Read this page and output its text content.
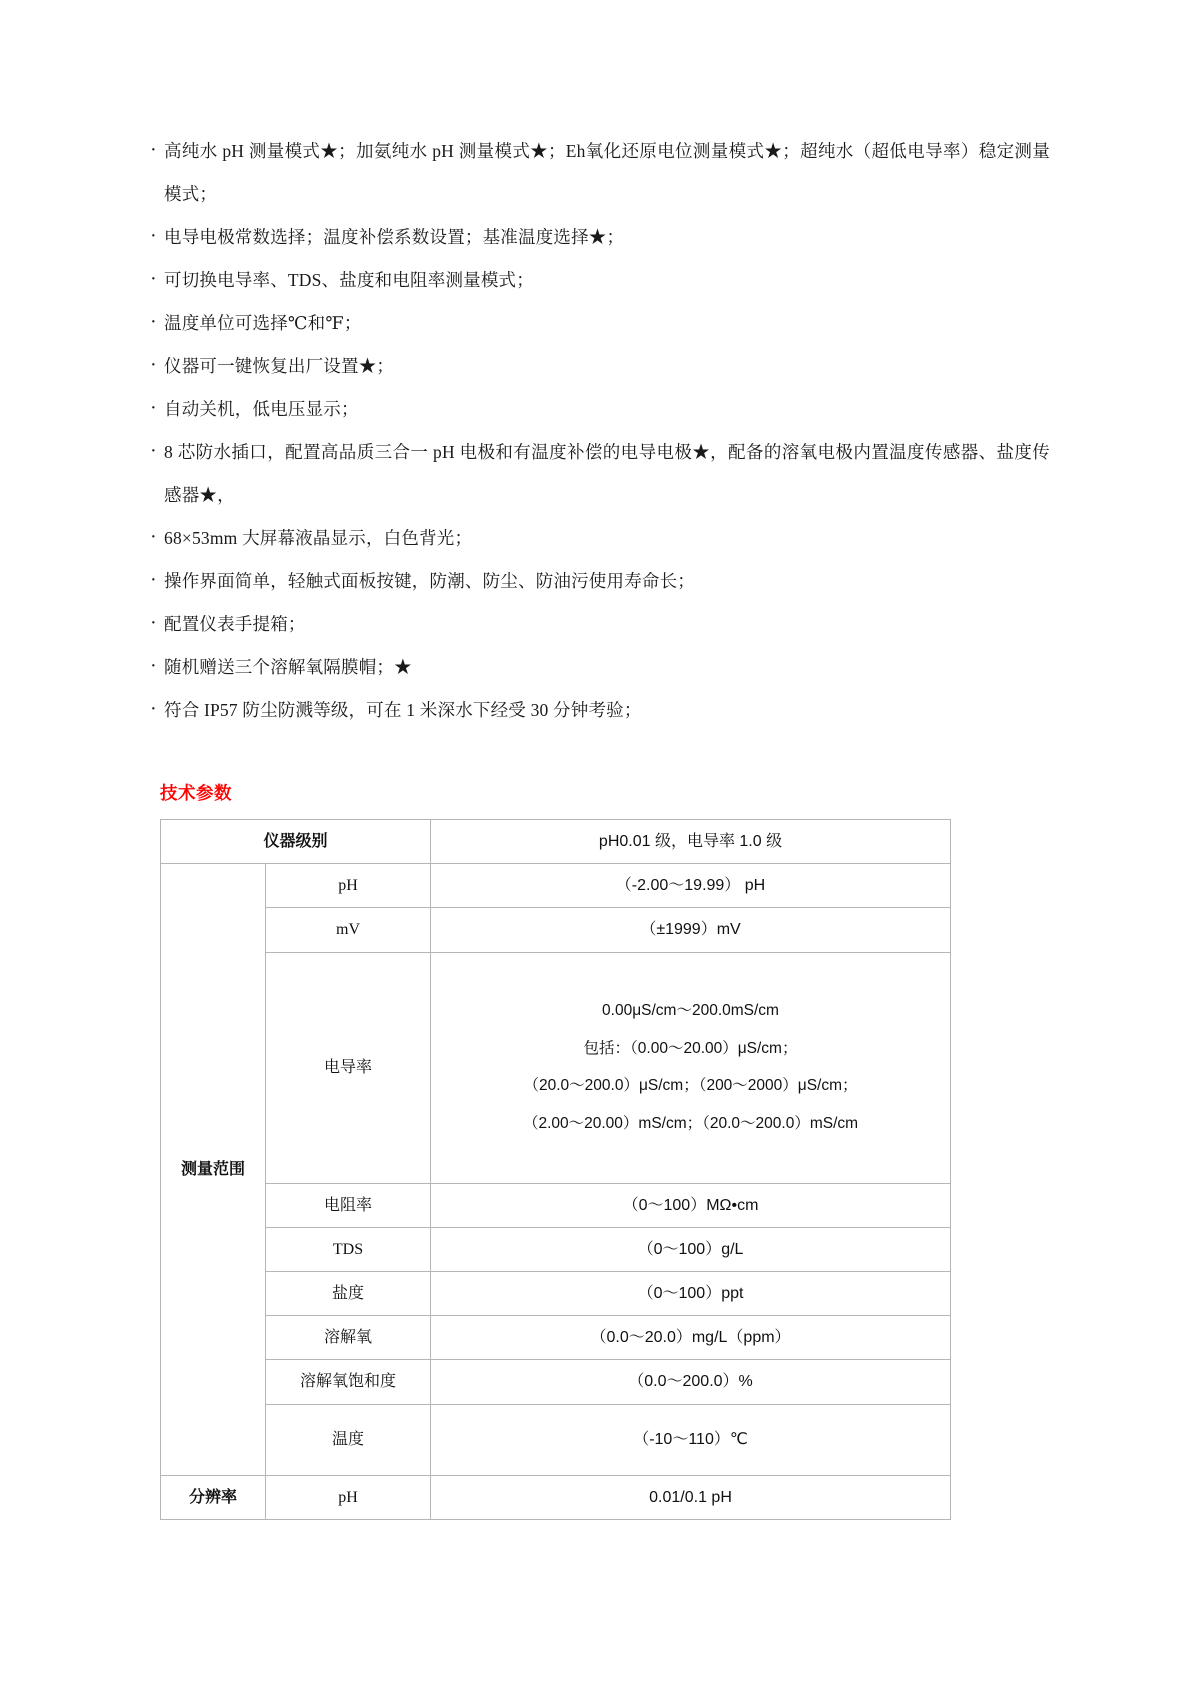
· 高纯水 pH 测量模式★；加氨纯水 pH 测量模式★；Eh氧化还原电位测量模式★；超纯水（超低电导率）稳定测量模式；
· 电导电极常数选择；温度补偿系数设置；基准温度选择★；
· 可切换电导率、TDS、盐度和电阻率测量模式；
· 温度单位可选择℃和℉；
· 仪器可一键恢复出厂设置★；
· 自动关机，低电压显示；
· 8 芯防水插口，配置高品质三合一 pH 电极和有温度补偿的电导电极★，配备的溶氧电极内置温度传感器、盐度传感器★，
· 68×53mm 大屏幕液晶显示，白色背光；
· 操作界面简单，轻触式面板按键，防潮、防尘、防油污使用寿命长；
· 配置仪表手提箱；
· 随机赠送三个溶解氧隔膜帽；★
· 符合 IP57 防尘防溅等级，可在 1 米深水下经受 30 分钟考验；
技术参数
仪器级别		pH0.01 级，电导率 1.0 级
测量范围	pH	（-2.00～19.99） pH
	mV	（±1999）mV
	电导率	0.00μS/cm～200.0mS/cm
包括：（0.00～20.00）μS/cm；
（20.0～200.0）μS/cm；（200～2000）μS/cm；
（2.00～20.00）mS/cm；（20.0～200.0）mS/cm

	电阻率	（0～100）MΩ•cm
	TDS	（0～100）g/L
	盐度	（0～100）ppt
	溶解氧	（0.0～20.0）mg/L（ppm）
	溶解氧饱和度	（0.0～200.0）%
	温度	（-10～110）℃
分辨率	pH	0.01/0.1 pH
